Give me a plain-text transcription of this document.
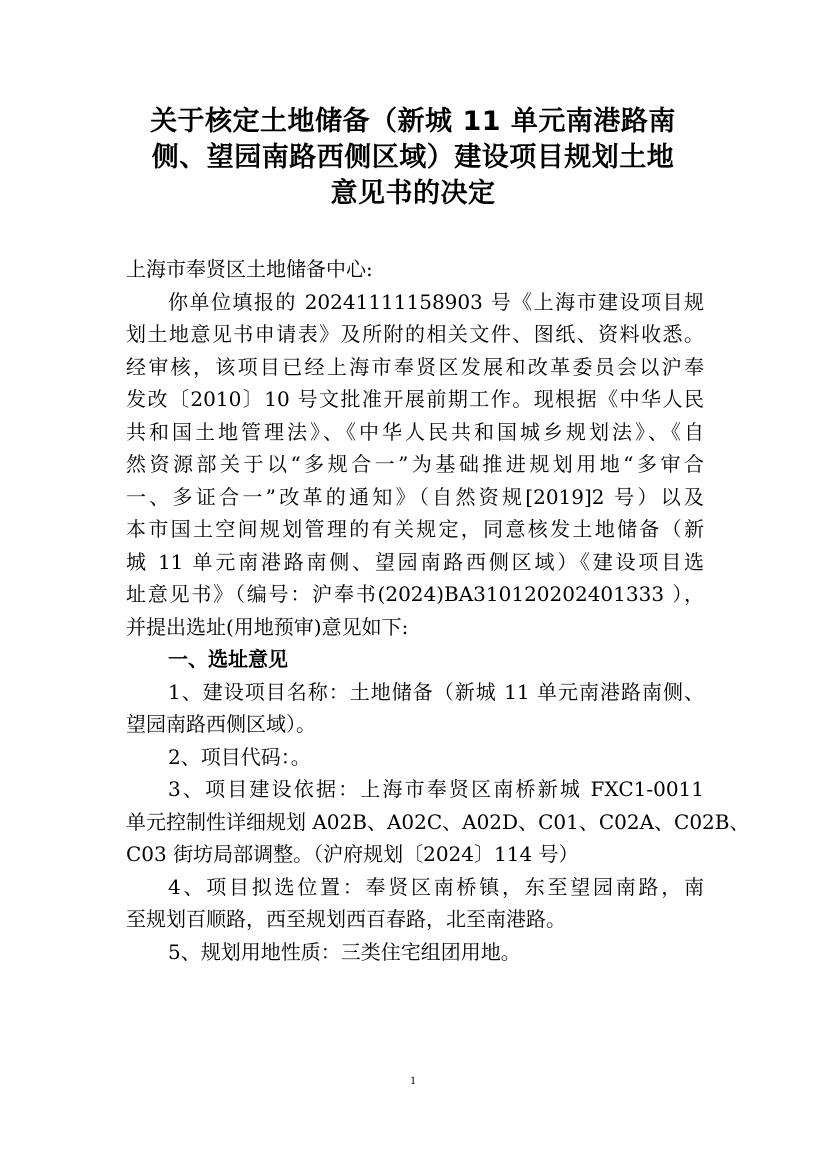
关于核定土地储备（新城 11 单元南港路南
侧、望园南路西侧区域）建设项目规划土地
意见书的决定
上海市奉贤区土地储备中心:
你单位填报的 20241111158903 号《上海市建设项目规
划土地意见书申请表》及所附的相关文件、图纸、资料收悉。
经审核，该项目已经上海市奉贤区发展和改革委员会以沪奉
发改〔2010〕10 号文批准开展前期工作。现根据《中华人民
共和国土地管理法》、《中华人民共和国城乡规划法》、《自
然资源部关于以“多规合一”为基础推进规划用地“多审合
一、多证合一”改革的通知》（自然资规[2019]2 号）以及
本市国土空间规划管理的有关规定，同意核发土地储备（新
城 11 单元南港路南侧、望园南路西侧区域）《建设项目选
址意见书》（编号：沪奉书(2024)BA310120202401333 ），
并提出选址(用地预审)意见如下:
一、选址意见
1、建设项目名称：土地储备（新城 11 单元南港路南侧、
望园南路西侧区域）。
2、项目代码：。
3、项目建设依据：上海市奉贤区南桥新城 FXC1-0011
单元控制性详细规划 A02B、A02C、A02D、C01、C02A、C02B、
C03 街坊局部调整。（沪府规划〔2024〕114 号）
4、项目拟选位置：奉贤区南桥镇，东至望园南路，南
至规划百顺路，西至规划西百春路，北至南港路。
5、规划用地性质：三类住宅组团用地。
1
